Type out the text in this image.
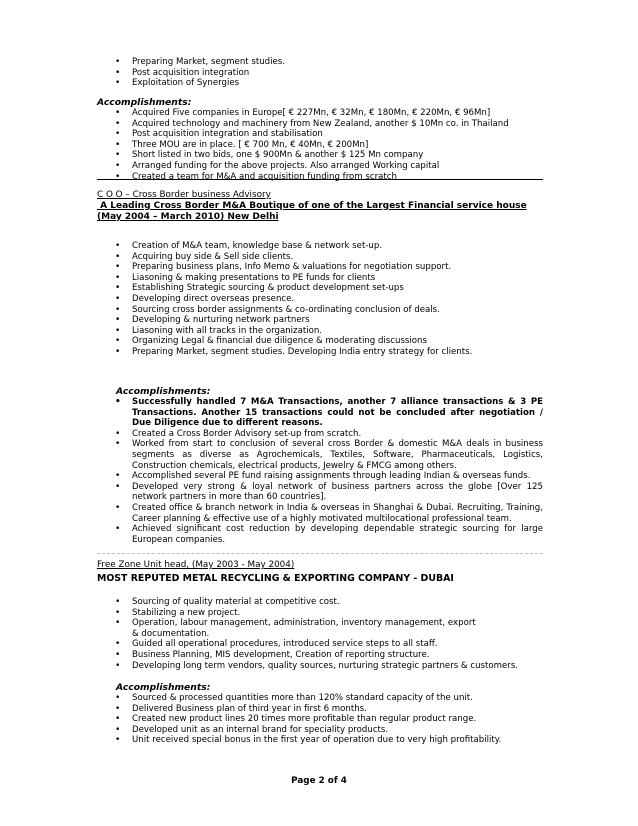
• Preparing Market, segment studies.
• Post acquisition integration
• Exploitation of Synergies
Accomplishments:
• Acquired Five companies in Europe[ € 227Mn, € 32Mn, € 180Mn, € 220Mn, € 96Mn]
• Acquired technology and machinery from New Zealand, another $ 10Mn co. in Thailand
• Post acquisition integration and stabilisation
• Three MOU are in place. [ € 700 Mn, € 40Mn, € 200Mn]
• Short listed in two bids, one $ 900Mn & another $ 125 Mn company
• Arranged funding for the above projects. Also arranged Working capital
• Created a team for M&A and acquisition funding from scratch
C O O – Cross Border business Advisory
A Leading Cross Border M&A Boutique of one of the Largest Financial service house
(May 2004 – March 2010) New Delhi
• Creation of M&A team, knowledge base & network set-up.
• Acquiring buy side & Sell side clients.
• Preparing business plans, Info Memo & valuations for negotiation support.
• Liasoning & making presentations to PE funds for clients
• Establishing Strategic sourcing & product development set-ups
• Developing direct overseas presence.
• Sourcing cross border assignments & co-ordinating conclusion of deals.
• Developing & nurturing network partners
• Liasoning with all tracks in the organization.
• Organizing Legal & financial due diligence & moderating discussions
• Preparing Market, segment studies. Developing India entry strategy for clients.
Accomplishments:
• Successfully handled 7 M&A Transactions, another 7 alliance transactions & 3 PE Transactions. Another 15 transactions could not be concluded after negotiation / Due Diligence due to different reasons.
• Created a Cross Border Advisory set-up from scratch.
• Worked from start to conclusion of several cross Border & domestic M&A deals in business segments as diverse as Agrochemicals, Textiles, Software, Pharmaceuticals, Logistics, Construction chemicals, electrical products, Jewelry & FMCG among others.
• Accomplished several PE fund raising assignments through leading Indian & overseas funds.
• Developed very strong & loyal network of business partners across the globe [Over 125 network partners in more than 60 countries].
• Created office & branch network in India & overseas in Shanghai & Dubai. Recruiting, Training, Career planning & effective use of a highly motivated multilocational professional team.
• Achieved significant cost reduction by developing dependable strategic sourcing for large European companies.
Free Zone Unit head, (May 2003 - May 2004)
MOST REPUTED METAL RECYCLING & EXPORTING COMPANY - DUBAI
• Sourcing of quality material at competitive cost.
• Stabilizing a new project.
• Operation, labour management, administration, inventory management, export & documentation.
• Guided all operational procedures, introduced service steps to all staff.
• Business Planning, MIS development, Creation of reporting structure.
• Developing long term vendors, quality sources, nurturing strategic partners & customers.
Accomplishments:
• Sourced & processed quantities more than 120% standard capacity of the unit.
• Delivered Business plan of third year in first 6 months.
• Created new product lines 20 times more profitable than regular product range.
• Developed unit as an internal brand for speciality products.
• Unit received special bonus in the first year of operation due to very high profitability.
Page 2 of 4
